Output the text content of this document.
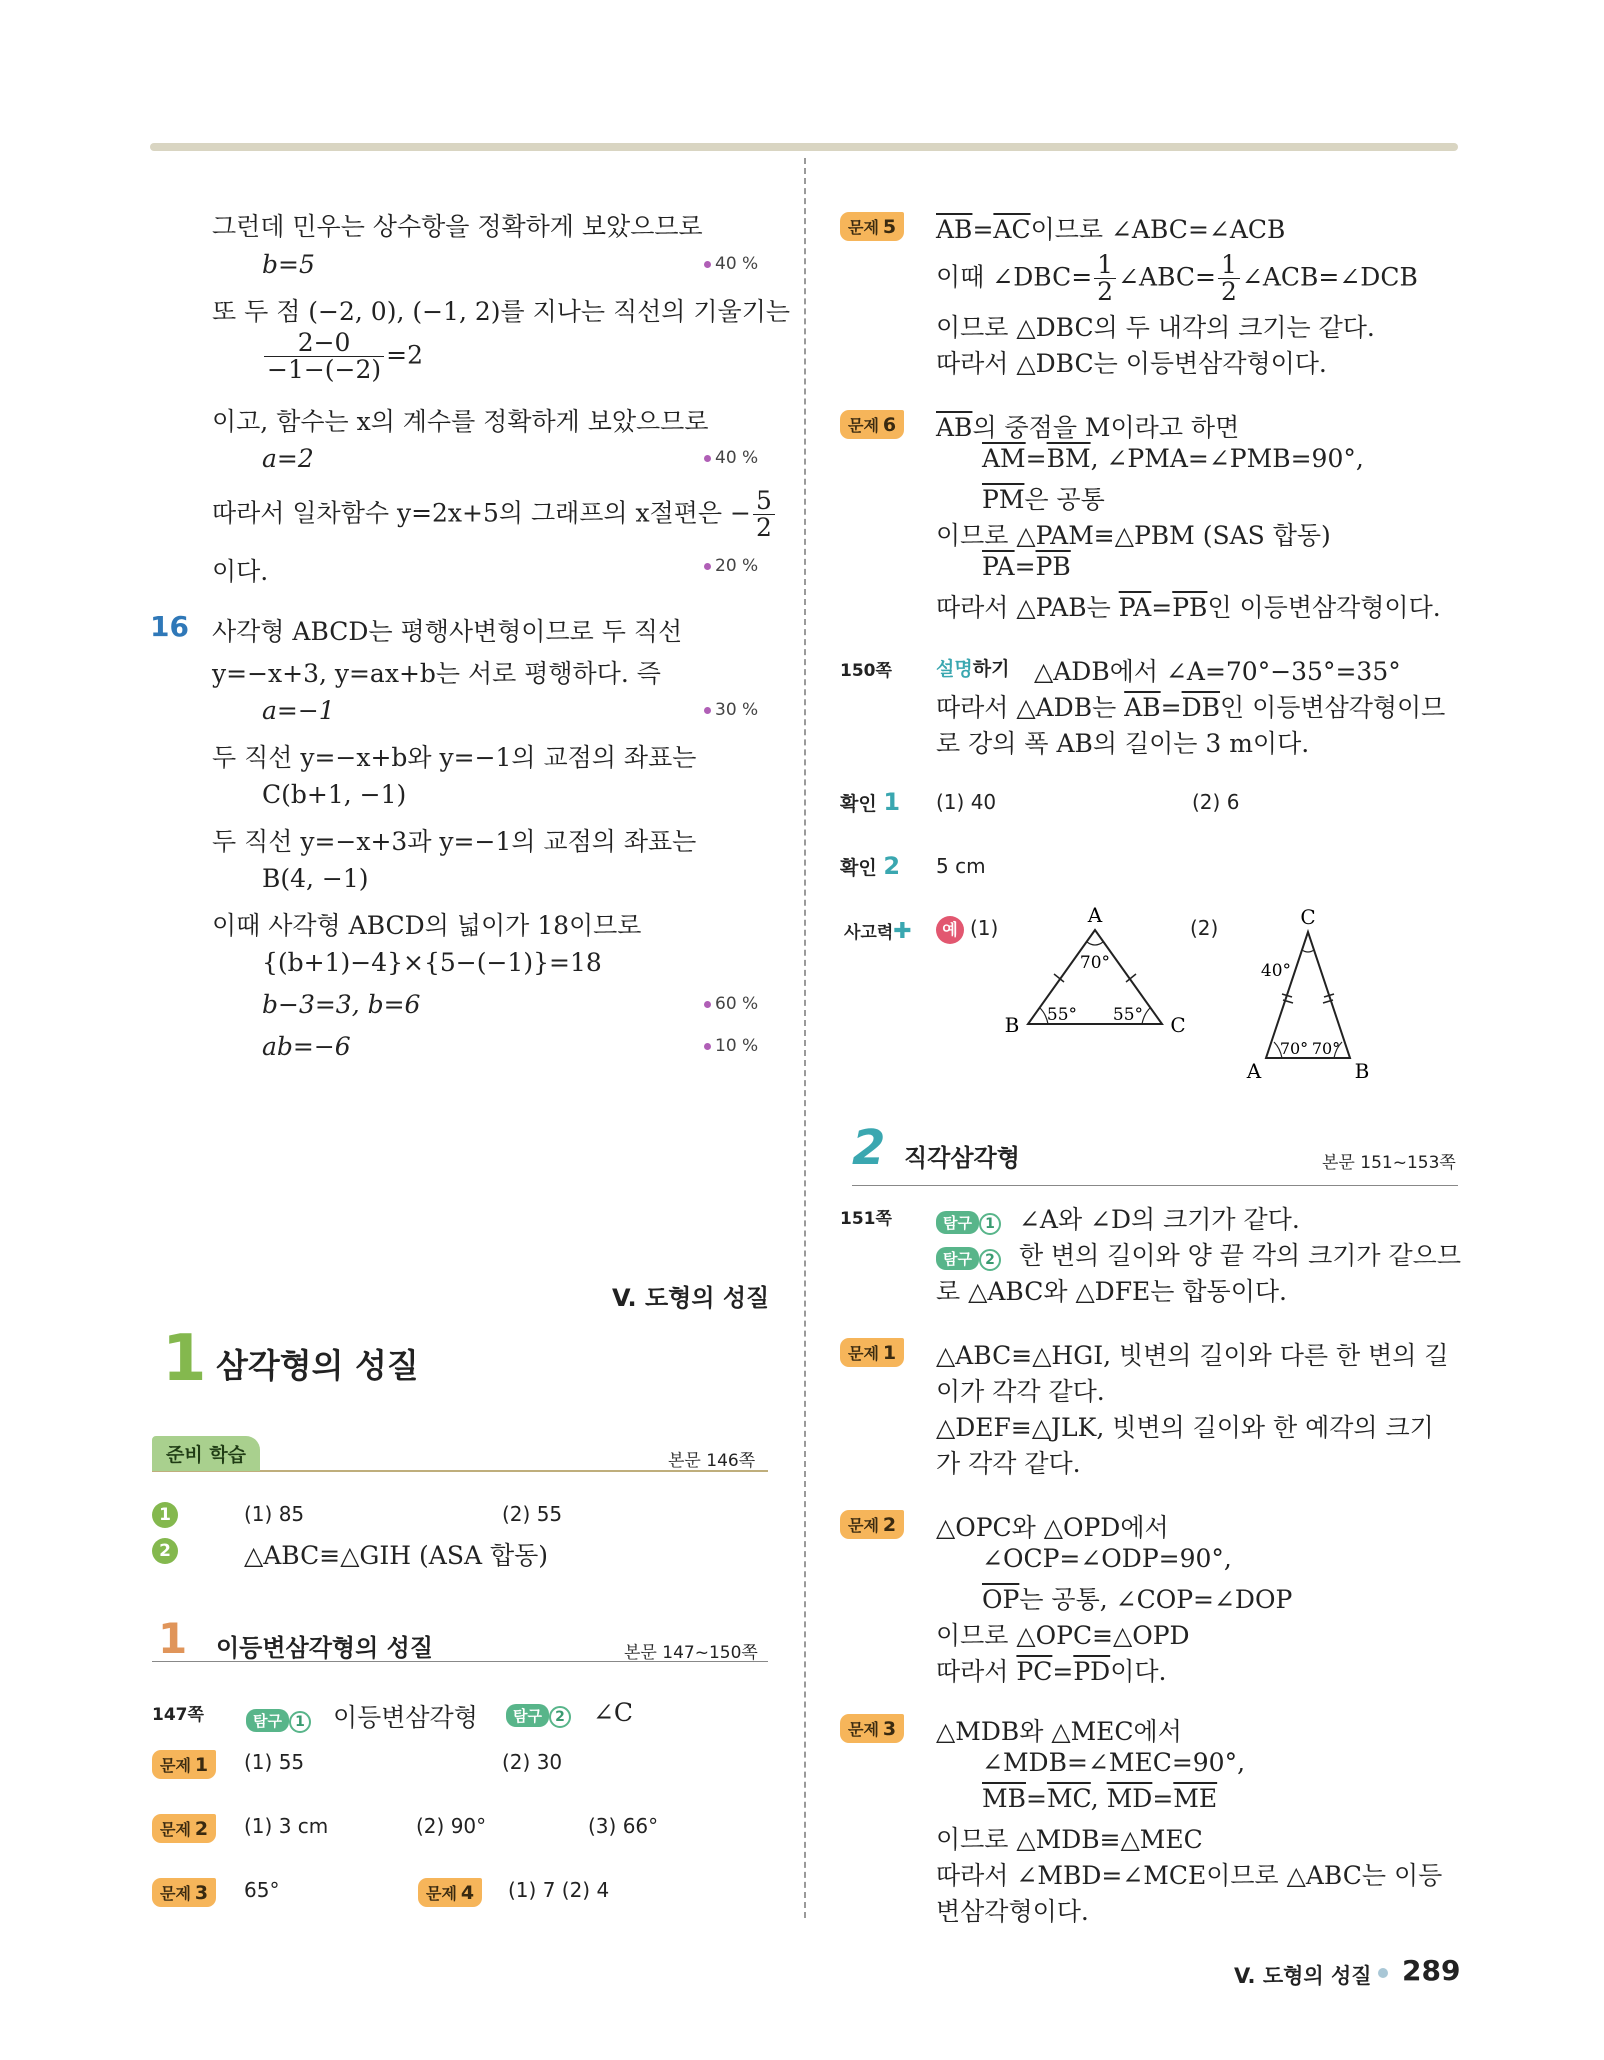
그런데 민우는 상수항을 정확하게 보았으므로
b=5	40 %
또 두 점 (−2, 0), (−1, 2)를 지나는 직선의 기울기는
$\frac{2-0}{-1-(-2)} =2$
이고, 함수는 x의 계수를 정확하게 보았으므로
a=2	40 %
따라서 일차함수 y=2x+5의 그래프의 x절편은 − $\frac{5}{2}$
이다.	20 %
16 사각형 ABCD는 평행사변형이므로 두 직선
y=−x+3, y=ax+b는 서로 평행하다. 즉
a=−1	30 %
두 직선 y=−x+b와 y=−1의 교점의 좌표는
C(b+1, −1)
두 직선 y=−x+3과 y=−1의 교점의 좌표는
B(4, −1)
이때 사각형 ABCD의 넓이가 18이므로
{(b+1)−4}×{5−(−1)}=18
b−3=3, b=6	60 %
ab=−6	10 %
V. 도형의 성질
1 삼각형의 성질
준비 학습	본문 146쪽
1	(1) 85	(2) 55
2	△ABC≡△GIH (ASA 합동)
1 이등변삼각형의 성질	본문 147~150쪽
147쪽	탐구 1 이등변삼각형	탐구 2 ∠C
문제 1	(1) 55	(2) 30
문제 2	(1) 3 cm	(2) 90°	(3) 66°
문제 3	65°	문제 4	(1) 7 (2) 4
문제 5	$\overline{AB}=\overline{AC}$이므로 ∠ABC=∠ACB
이때 ∠DBC= $\frac{1}{2}$ ∠ABC= $\frac{1}{2}$ ∠ACB=∠DCB
이므로 △DBC의 두 내각의 크기는 같다.
따라서 △DBC는 이등변삼각형이다.
문제 6	$\overline{AB}$의 중점을 M이라고 하면
$\overline{AM}=\overline{BM}$, ∠PMA=∠PMB=90°,
$\overline{PM}$은 공통
이므로 △PAM≡△PBM (SAS 합동)
$\overline{PA}=\overline{PB}$
따라서 △PAB는 $\overline{PA}=\overline{PB}$인 이등변삼각형이다.
150쪽 설명하기 △ADB에서 ∠A=70°−35°=35°
따라서 △ADB는 $\overline{AB}=\overline{DB}$인 이등변삼각형이므
로 강의 폭 AB의 길이는 3 m이다.
확인 1 (1) 40	(2) 6
확인 2 5 cm
사고력✚	예 (1)	(2)
A
B	C
70°
55° 55°
C
A	B
40°
70° 70°
2 직각삼각형	본문 151~153쪽
151쪽	탐구 1 ∠A와 ∠D의 크기가 같다.
탐구 2 한 변의 길이와 양 끝 각의 크기가 같으므
로 △ABC와 △DFE는 합동이다.
문제 1	△ABC≡△HGI, 빗변의 길이와 다른 한 변의 길
이가 각각 같다.
△DEF≡△JLK, 빗변의 길이와 한 예각의 크기
가 각각 같다.
문제 2	△OPC와 △OPD에서
∠OCP=∠ODP=90°,
$\overline{OP}$는 공통, ∠COP=∠DOP
이므로 △OPC≡△OPD
따라서 $\overline{PC}=\overline{PD}$이다.
문제 3	△MDB와 △MEC에서
∠MDB=∠MEC=90°,
$\overline{MB}=\overline{MC}$, $\overline{MD}=\overline{ME}$
이므로 △MDB≡△MEC
따라서 ∠MBD=∠MCE이므로 △ABC는 이등
변삼각형이다.
V. 도형의 성질 289
